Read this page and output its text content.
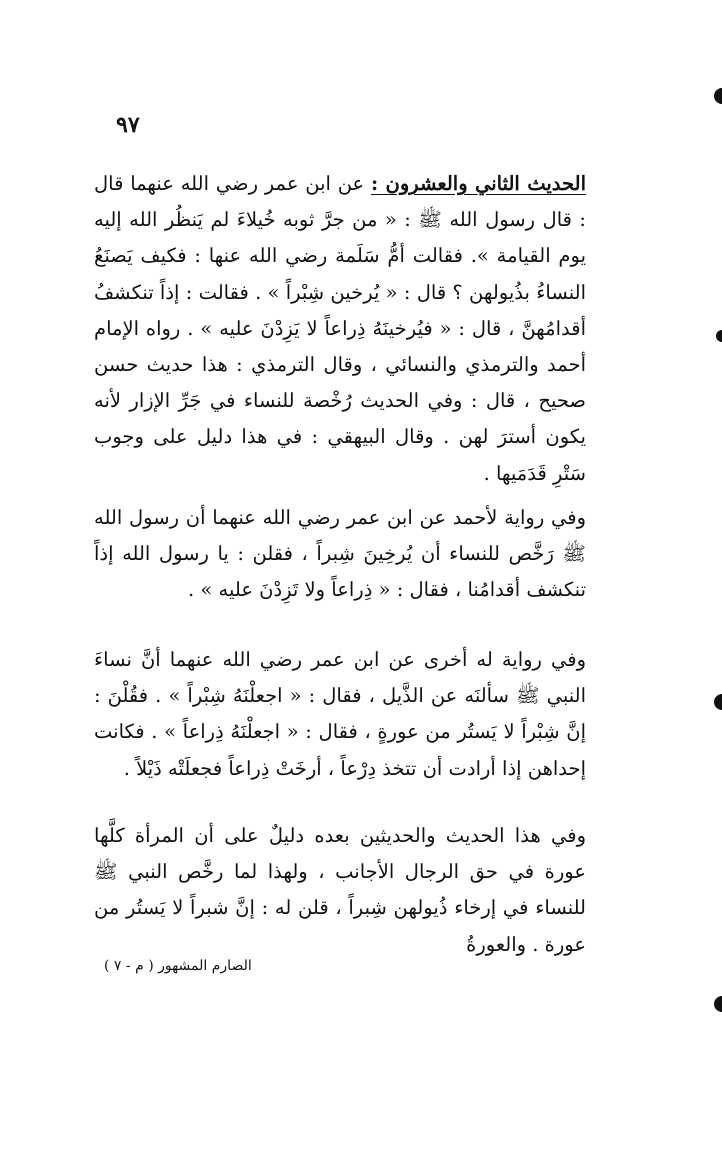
٩٧
الحديث الثاني والعشرون : عن ابن عمر رضي الله عنهما قال : قال رسول الله ﷺ : « من جرَّ ثوبه خُيلاءَ لم يَنظُر الله إليه يوم القيامة ». فقالت أمُّ سَلَمة رضي الله عنها : فكيف يَصنَعُ النساءُ بذُيولهن ؟ قال : « يُرخين شِبْراً » . فقالت : إذاً تنكشفُ أقدامُهنَّ ، قال : « فيُرخينَهُ ذِراعاً لا يَزِدْنَ عليه » . رواه الإمام أحمد والترمذي والنسائي ، وقال الترمذي : هذا حديث حسن صحيح ، قال : وفي الحديث رُخْصة للنساء في جَرِّ الإزار لأنه يكون أسترَ لهن . وقال البيهقي : في هذا دليل على وجوب سَتْرِ قَدَمَيها .
وفي رواية لأحمد عن ابن عمر رضي الله عنهما أن رسول الله ﷺ رَخَّص للنساء أن يُرخِينَ شِبراً ، فقلن : يا رسول الله إذاً تنكشف أقدامُنا ، فقال : « ذِراعاً ولا تَزِدْنَ عليه » .
وفي رواية له أخرى عن ابن عمر رضي الله عنهما أنَّ نساءَ النبي ﷺ سألنَه عن الذَّيل ، فقال : « اجعلْنَهُ شِبْراً » . فقُلْنَ : إنَّ شِبْراً لا يَستُر من عورةٍ ، فقال : « اجعلْنَهُ ذِراعاً » . فكانت إحداهن إذا أرادت أن تتخذ دِرْعاً ، أرخَتْ ذِراعاً فجعلَتْه ذَيْلاً .
وفي هذا الحديث والحديثين بعده دليلٌ على أن المرأة كلَّها عورة في حق الرجال الأجانب ، ولهذا لما رخَّص النبي ﷺ للنساء في إرخاء ذُيولهن شِبراً ، قلن له : إنَّ شبراً لا يَستُر من عورة . والعورةُ
الصارم المشهور ( م - ٧ )
